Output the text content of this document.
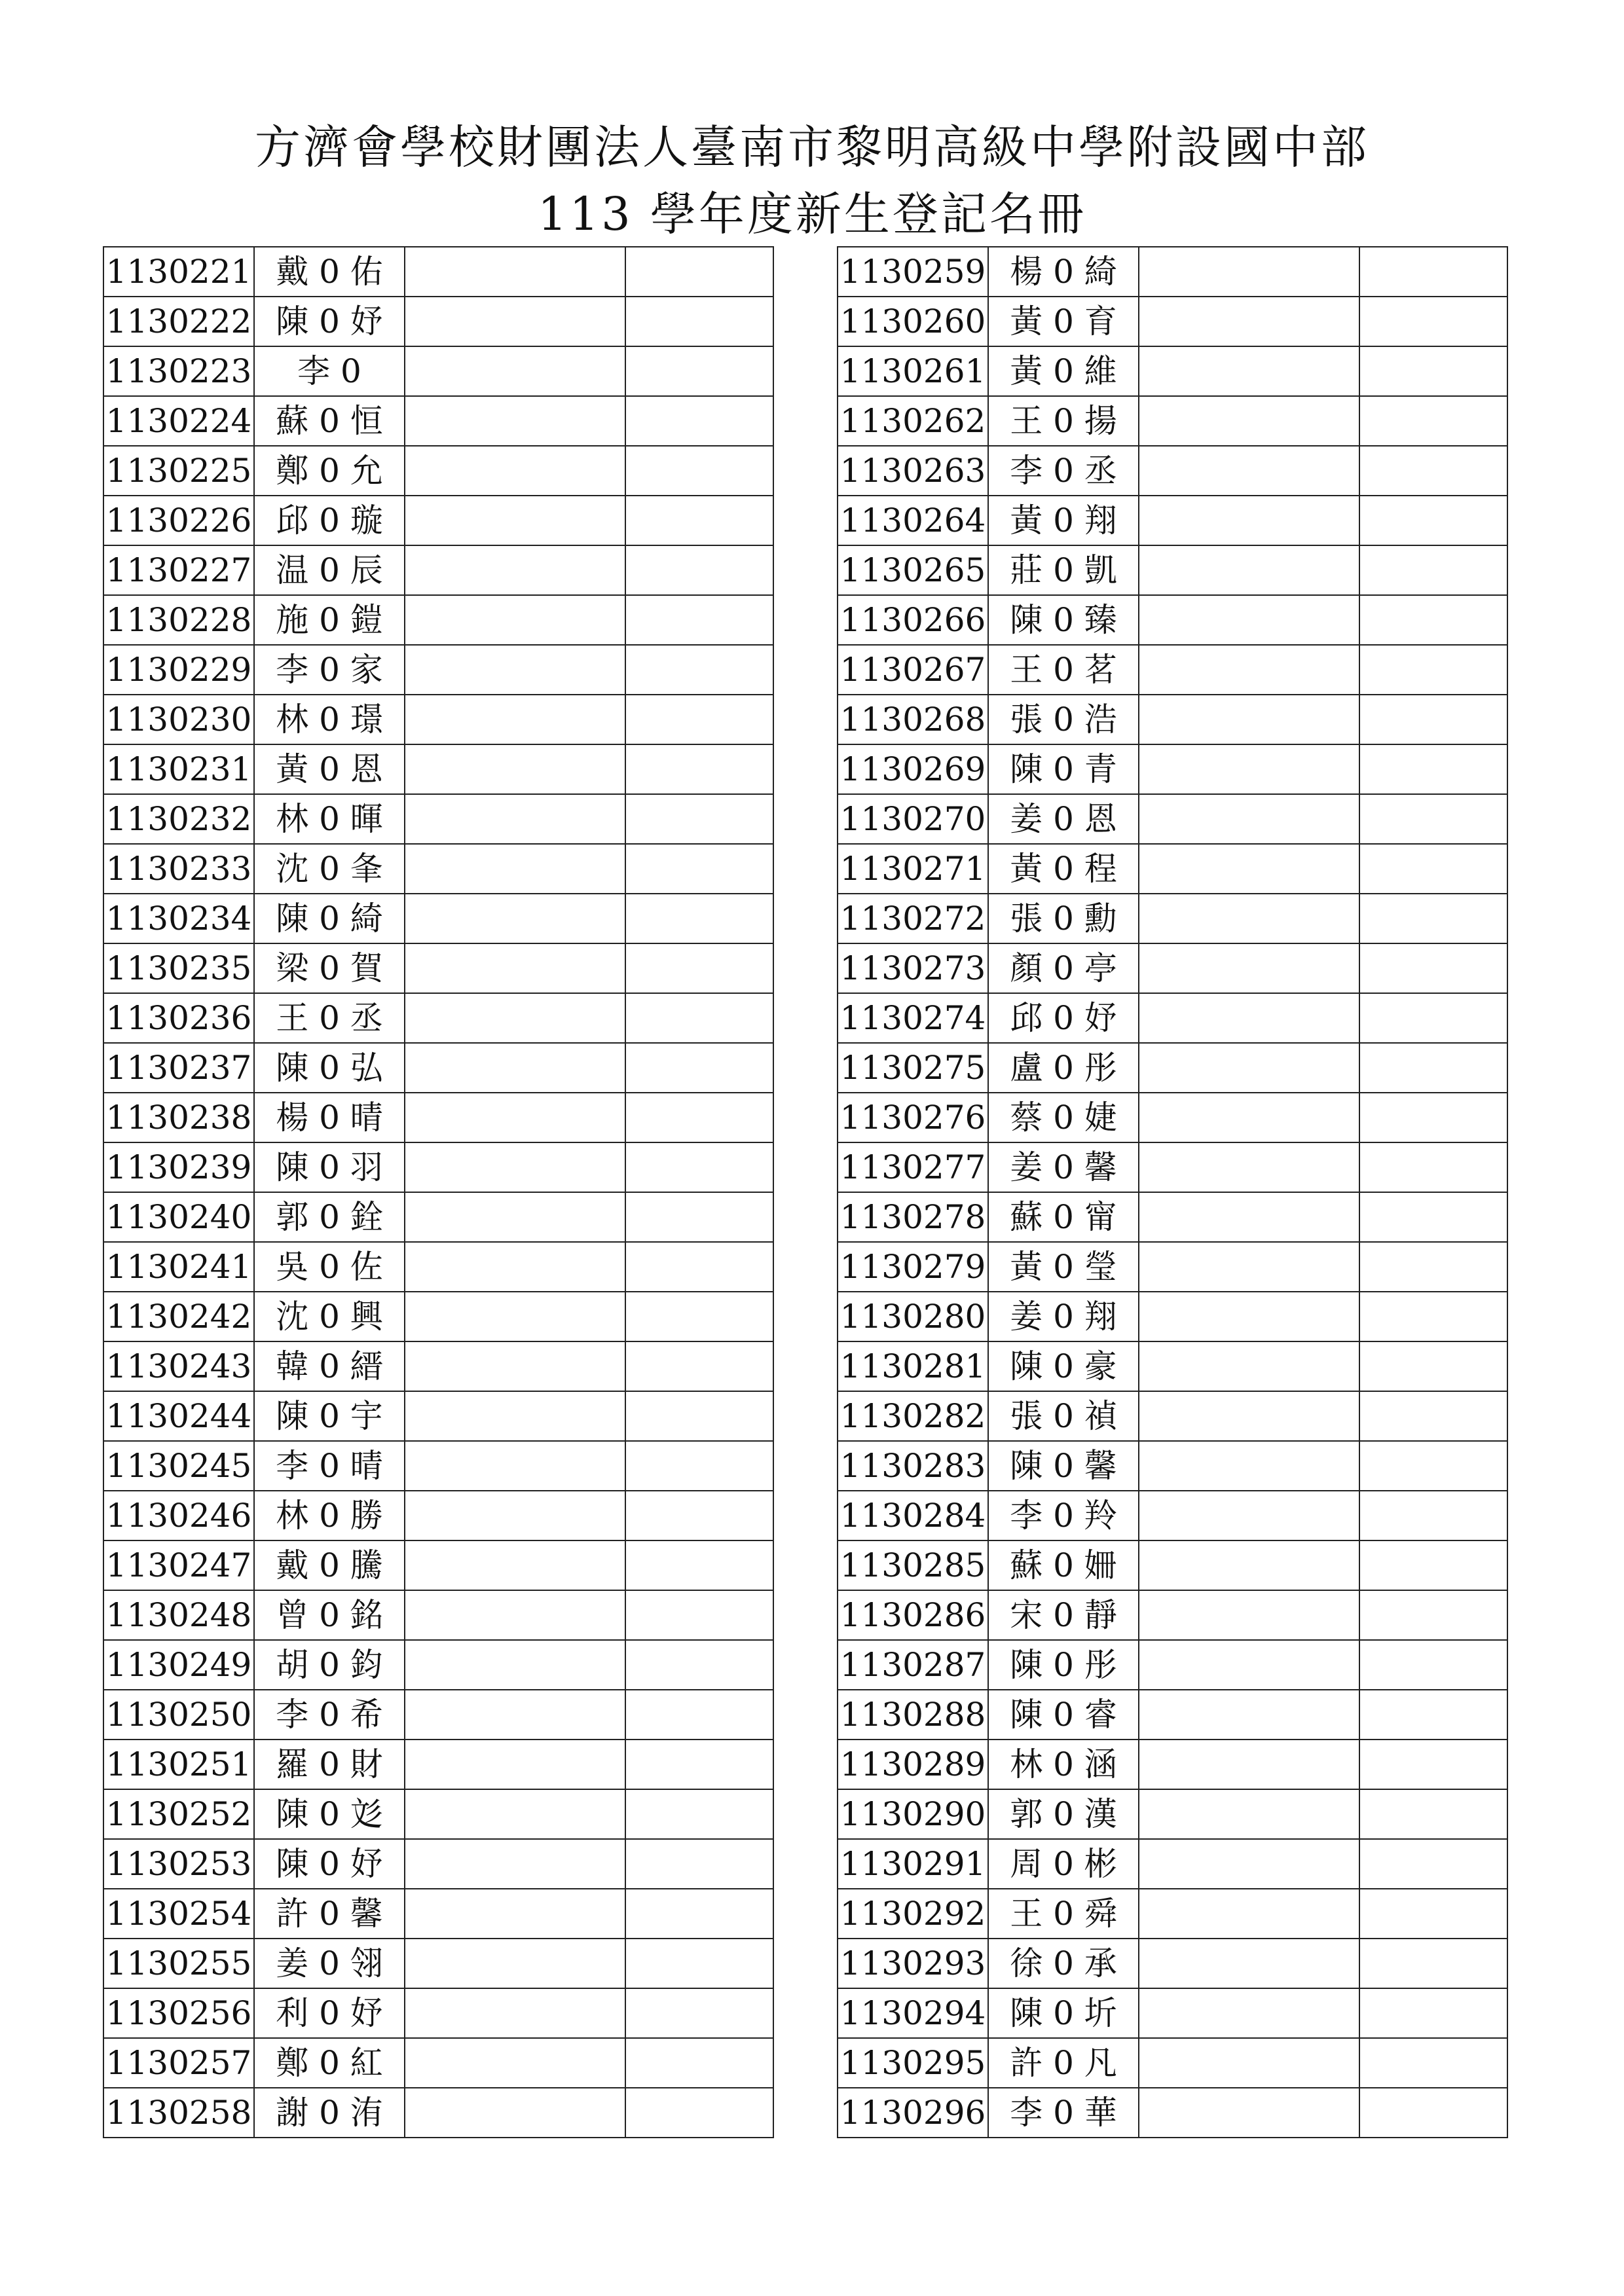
方濟會學校財團法人臺南市黎明高級中學附設國中部
113 學年度新生登記名冊
1130221	戴 0 佑		
1130222	陳 0 妤		
1130223	李 0		
1130224	蘇 0 恒		
1130225	鄭 0 允		
1130226	邱 0 璇		
1130227	温 0 辰		
1130228	施 0 鎧		
1130229	李 0 家		
1130230	林 0 璟		
1130231	黃 0 恩		
1130232	林 0 暉		
1130233	沈 0 夆		
1130234	陳 0 綺		
1130235	梁 0 賀		
1130236	王 0 丞		
1130237	陳 0 弘		
1130238	楊 0 晴		
1130239	陳 0 羽		
1130240	郭 0 銓		
1130241	吳 0 佐		
1130242	沈 0 興		
1130243	韓 0 縉		
1130244	陳 0 宇		
1130245	李 0 晴		
1130246	林 0 勝		
1130247	戴 0 騰		
1130248	曾 0 銘		
1130249	胡 0 鈞		
1130250	李 0 希		
1130251	羅 0 財		
1130252	陳 0 彣		
1130253	陳 0 妤		
1130254	許 0 馨		
1130255	姜 0 翎		
1130256	利 0 妤		
1130257	鄭 0 紅		
1130258	謝 0 洧		
1130259	楊 0 綺		
1130260	黃 0 育		
1130261	黃 0 維		
1130262	王 0 揚		
1130263	李 0 丞		
1130264	黃 0 翔		
1130265	莊 0 凱		
1130266	陳 0 臻		
1130267	王 0 茗		
1130268	張 0 浩		
1130269	陳 0 青		
1130270	姜 0 恩		
1130271	黃 0 程		
1130272	張 0 勳		
1130273	顏 0 亭		
1130274	邱 0 妤		
1130275	盧 0 彤		
1130276	蔡 0 婕		
1130277	姜 0 馨		
1130278	蘇 0 甯		
1130279	黃 0 瑩		
1130280	姜 0 翔		
1130281	陳 0 豪		
1130282	張 0 禎		
1130283	陳 0 馨		
1130284	李 0 羚		
1130285	蘇 0 姍		
1130286	宋 0 靜		
1130287	陳 0 彤		
1130288	陳 0 睿		
1130289	林 0 涵		
1130290	郭 0 漢		
1130291	周 0 彬		
1130292	王 0 舜		
1130293	徐 0 承		
1130294	陳 0 圻		
1130295	許 0 凡		
1130296	李 0 華		
